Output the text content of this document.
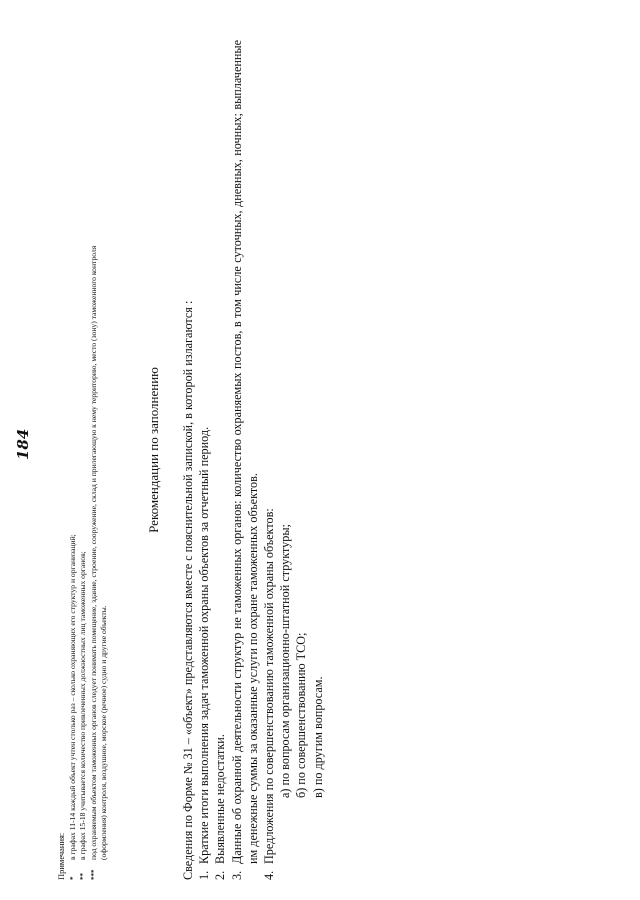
184
Примечания: *
в графах 11-14 каждый объект учтен столько раз – сколько охраняющих его структур и организаций;
**
в графах 15-18 учитывается количество привлеченных должностных лиц таможенных органов;
***
под охраняемым объектом таможенных органов следует понимать помещение, здание, строение, сооружение, склад и прилегающую к нему территорию, место (зону) таможенного контроля (оформления) контроля, воздушное, морское (речное) судно и другие объекты.
Рекомендации по заполнению Сведения по Форме № 31 – «объект» представляются вместе с пояснительной запиской, в которой излагаются : 1.
Краткие итоги выполнения задач таможенной охраны объектов за отчетный период.
2.
Выявленные недостатки.
3.
Данные об охранной деятельности структур не таможенных органов: количество охраняемых постов, в том числе суточных, дневных, ночных; выплаченные им денежные суммы за оказанные услуги по охране таможенных объектов.
4.
Предложения по совершенствованию таможенной охраны объектов: а) по вопросам организационно-штатной структуры; б) по совершенствованию ТСО; в) по другим вопросам.
